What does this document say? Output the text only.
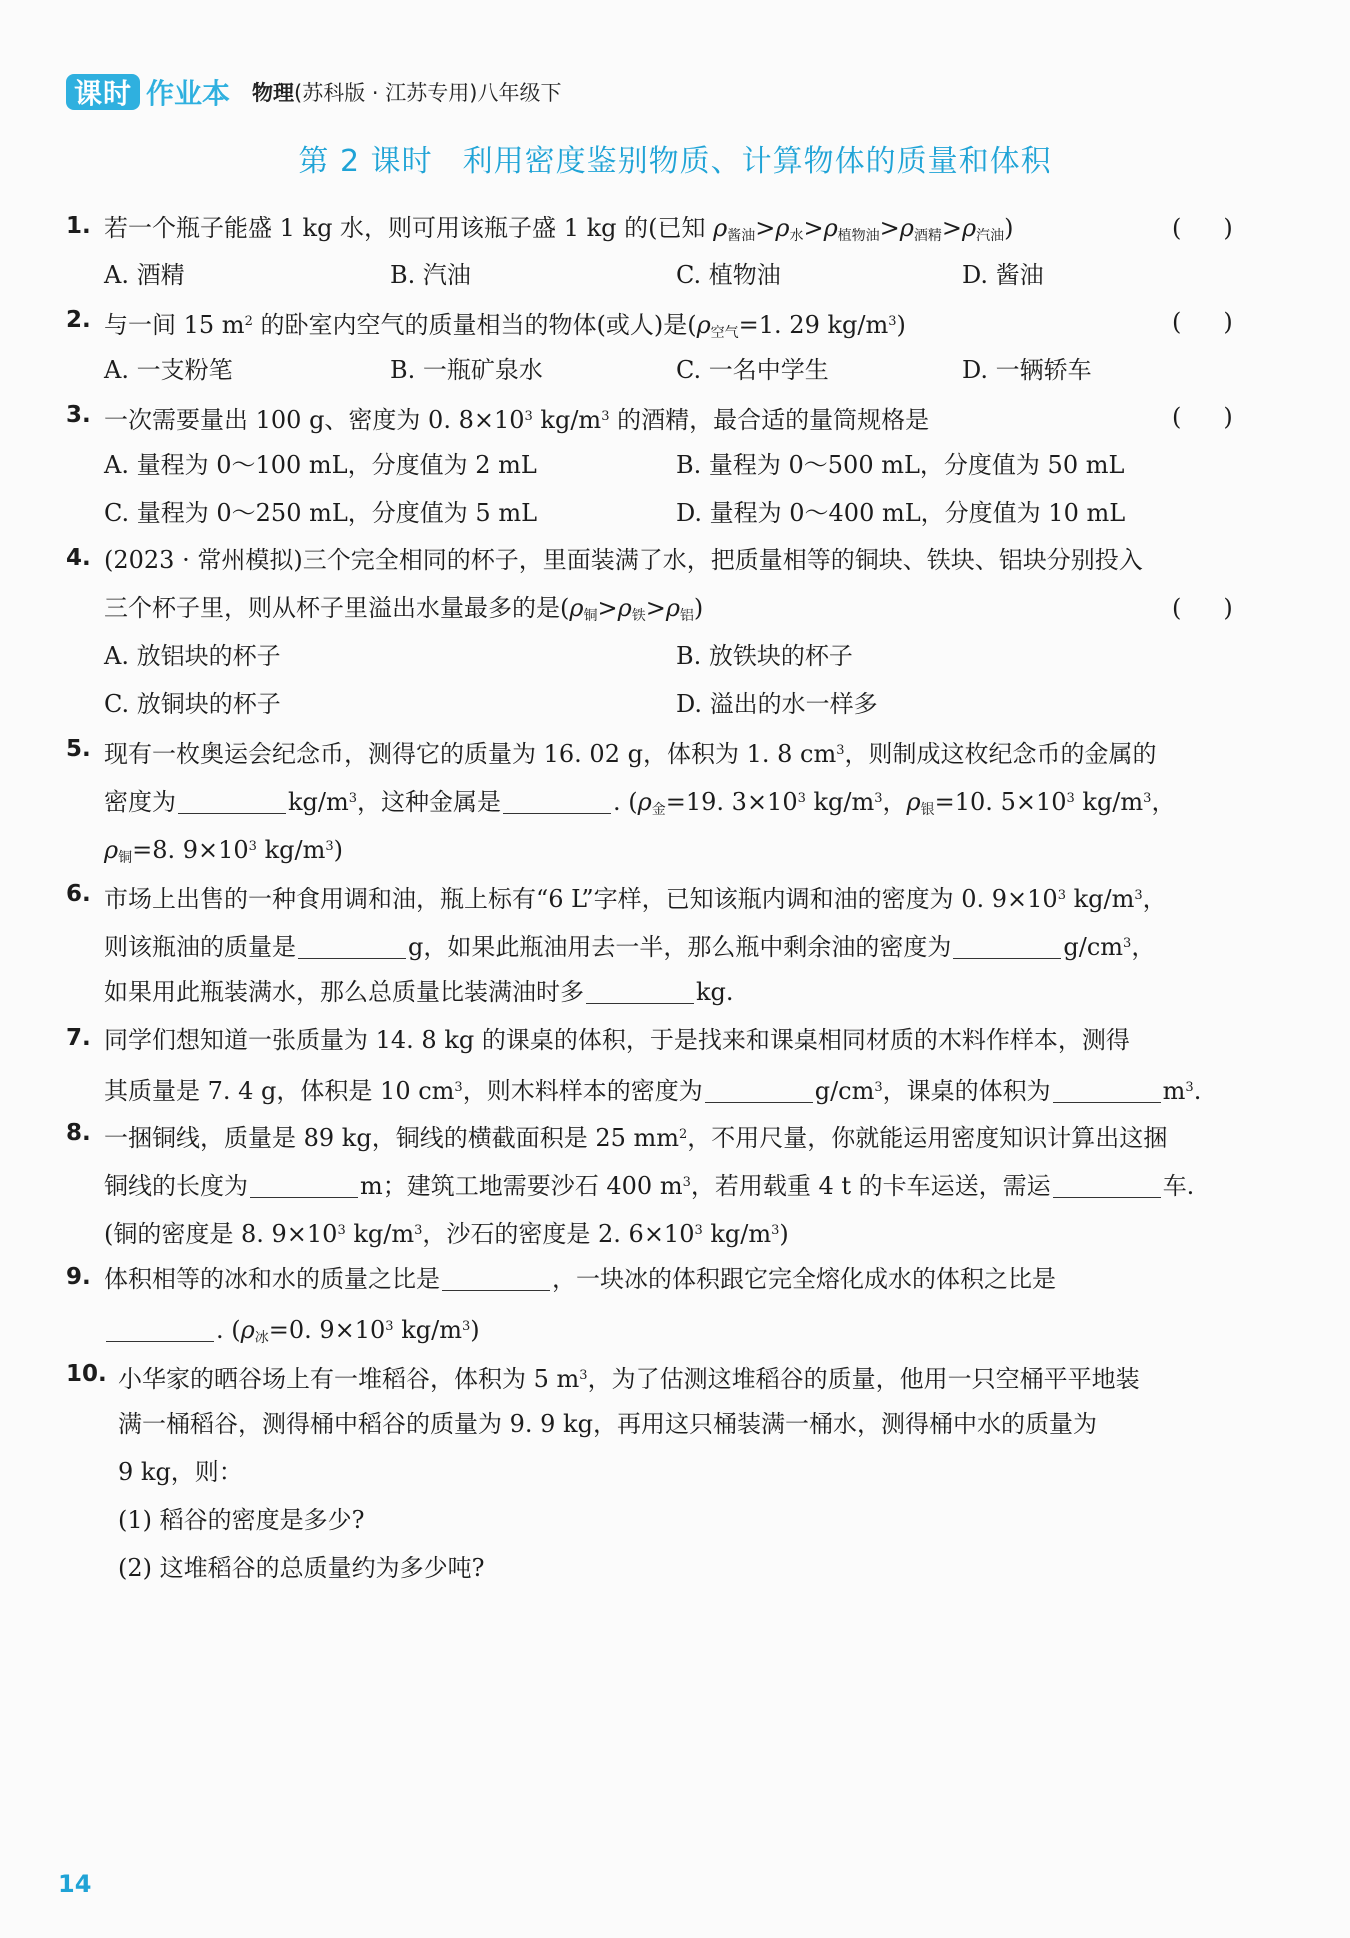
课时 作业本 物理 (苏科版 · 江苏专用)八年级下
第 2 课时 利用密度鉴别物质、计算物体的质量和体积
1. 若一个瓶子能盛 1 kg 水，则可用该瓶子盛 1 kg 的(已知 $\rho_{酱油}>\rho_水>\rho_{植物油}>\rho_{酒精}>\rho_{汽油}$)	( )
A. 酒精	B. 汽油	C. 植物油	D. 酱油
2. 与一间 15 $m^2$ 的卧室内空气的质量相当的物体(或人)是($\rho_{空气}=1$. 29 $kg/m^3$)	( )
A. 一支粉笔	B. 一瓶矿泉水	C. 一名中学生	D. 一辆轿车
3. 一次需要量出 100 g、密度为 0. $8\times 10^3$ $kg/m^3$ 的酒精，最合适的量筒规格是	( )
A. 量程为 0～100 mL，分度值为 2 mL	B. 量程为 0～500 mL，分度值为 50 mL
C. 量程为 0～250 mL，分度值为 5 mL	D. 量程为 0～400 mL，分度值为 10 mL
4. (2023 · 常州模拟)三个完全相同的杯子，里面装满了水，把质量相等的铜块、铁块、铝块分别投入
三个杯子里，则从杯子里溢出水量最多的是$(\rho_铜>\rho_铁>\rho_铝)$	( )
A. 放铝块的杯子	B. 放铁块的杯子
C. 放铜块的杯子	D. 溢出的水一样多
5. 现有一枚奥运会纪念币，测得它的质量为 16. 02 g，体积为 1. 8 $cm^3$，则制成这枚纪念币的金属的
密度为	$kg/m^3$，这种金属是	. ($\rho_金=19$. $3\times 10^3$ $kg/m^3$，$\rho_银=10$. $5\times 10^3$ $kg/m^3$，
$\rho_铜=8$. $9\times 10^3$ $kg/m^3$)
6. 市场上出售的一种食用调和油，瓶上标有“6 L”字样，已知该瓶内调和油的密度为 0. $9\times 10^3$ $kg/m^3$，
则该瓶油的质量是	g，如果此瓶油用去一半，那么瓶中剩余油的密度为	$g/cm^3$，
如果用此瓶装满水，那么总质量比装满油时多	kg.
7. 同学们想知道一张质量为 14. 8 kg 的课桌的体积，于是找来和课桌相同材质的木料作样本，测得
其质量是 7. 4 g，体积是 10 $cm^3$，则木料样本的密度为	$g/cm^3$，课桌的体积为	$m^3$.
8. 一捆铜线，质量是 89 kg，铜线的横截面积是 25 $mm^2$，不用尺量，你就能运用密度知识计算出这捆
铜线的长度为	m；建筑工地需要沙石 400 $m^3$，若用载重 4 t 的卡车运送，需运	车.
(铜的密度是 8. $9\times 10^3$ $kg/m^3$，沙石的密度是 2. $6\times 10^3$ $kg/m^3$)
9. 体积相等的冰和水的质量之比是	，一块冰的体积跟它完全熔化成水的体积之比是
. ($\rho_冰=0$. $9\times 10^3$ $kg/m^3$)
10. 小华家的晒谷场上有一堆稻谷，体积为 5 $m^3$，为了估测这堆稻谷的质量，他用一只空桶平平地装
满一桶稻谷，测得桶中稻谷的质量为 9. 9 kg，再用这只桶装满一桶水，测得桶中水的质量为
9 kg，则：
(1) 稻谷的密度是多少?
(2) 这堆稻谷的总质量约为多少吨?
14
